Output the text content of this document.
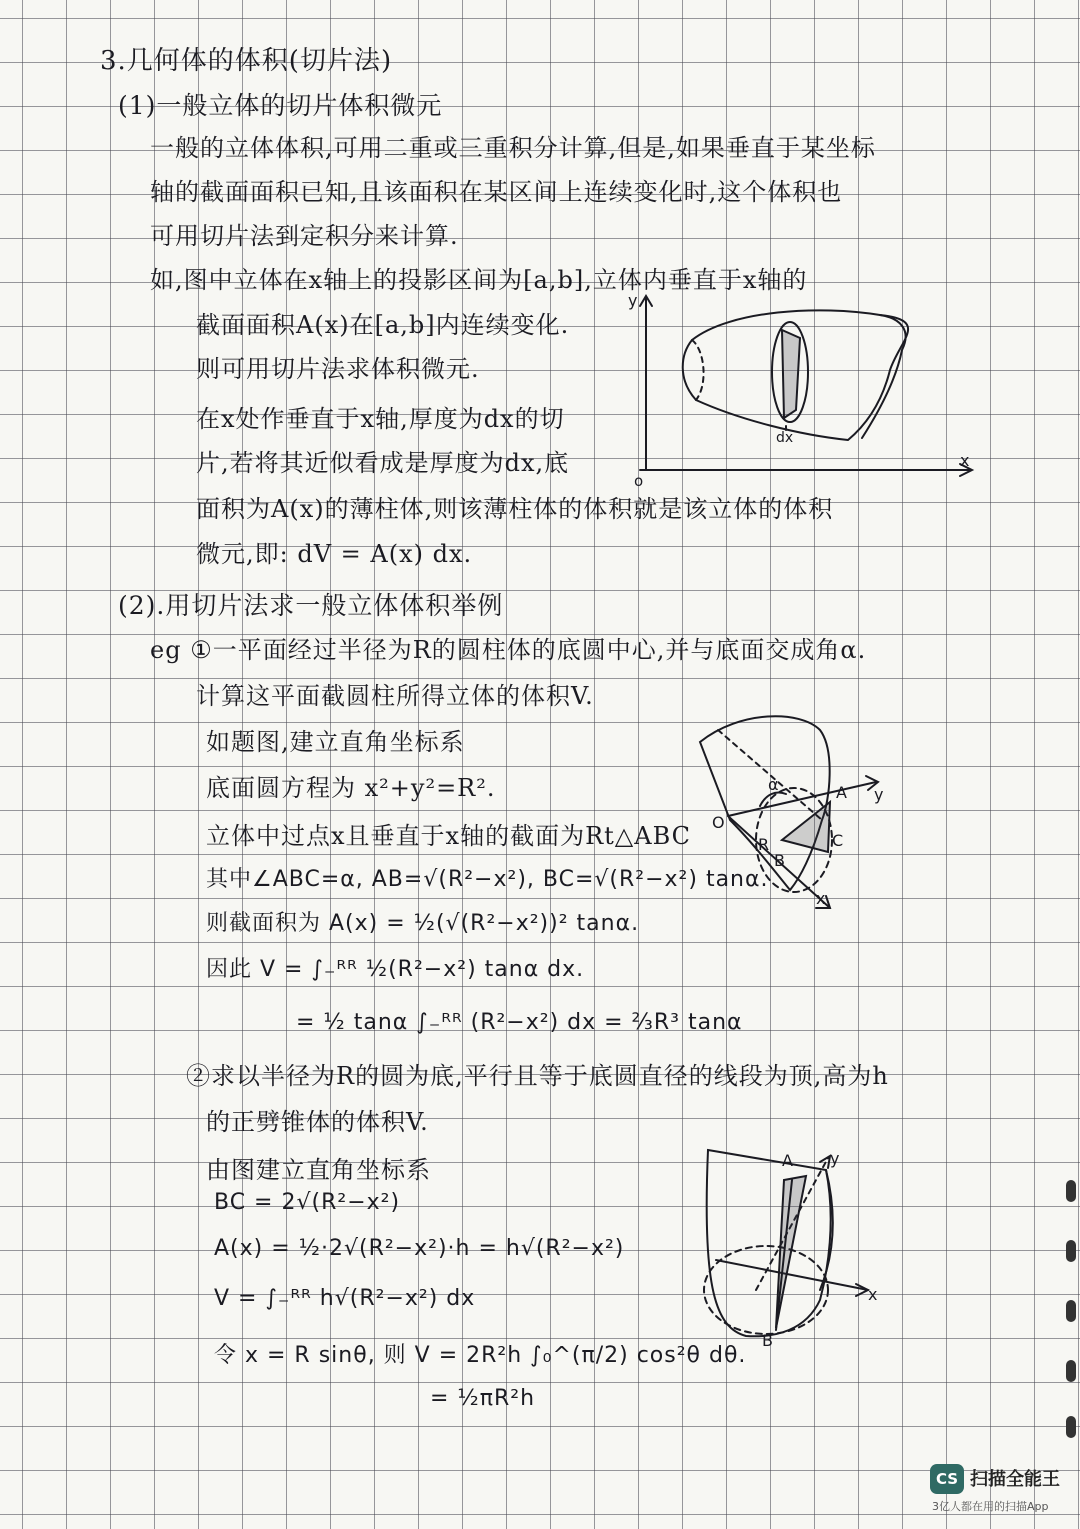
3.几何体的体积(切片法)
(1)一般立体的切片体积微元
一般的立体体积,可用二重或三重积分计算,但是,如果垂直于某坐标
轴的截面面积已知,且该面积在某区间上连续变化时,这个体积也
可用切片法到定积分来计算.
如,图中立体在x轴上的投影区间为[a,b],立体内垂直于x轴的
截面面积A(x)在[a,b]内连续变化.
则可用切片法求体积微元.
在x处作垂直于x轴,厚度为dx的切
片,若将其近似看成是厚度为dx,底
面积为A(x)的薄柱体,则该薄柱体的体积就是该立体的体积
微元,即: dV = A(x) dx.
(2).用切片法求一般立体体积举例
eg ①一平面经过半径为R的圆柱体的底圆中心,并与底面交成角α.
计算这平面截圆柱所得立体的体积V.
如题图,建立直角坐标系
底面圆方程为 x²+y²=R².
立体中过点x且垂直于x轴的截面为Rt△ABC
其中∠ABC=α, AB=√(R²−x²), BC=√(R²−x²) tanα.
则截面积为 A(x) = ½(√(R²−x²))² tanα.
因此 V = ∫₋ᴿᴿ ½(R²−x²) tanα dx.
= ½ tanα ∫₋ᴿᴿ (R²−x²) dx = ⅔R³ tanα
②求以半径为R的圆为底,平行且等于底圆直径的线段为顶,高为h
的正劈锥体的体积V.
由图建立直角坐标系
BC = 2√(R²−x²)
A(x) = ½·2√(R²−x²)·h = h√(R²−x²)
V = ∫₋ᴿᴿ h√(R²−x²) dx
令 x = R sinθ, 则 V = 2R²h ∫₀^(π/2) cos²θ dθ.
= ½πR²h
y
x
o
dx
O
α	A y
R
B
C
x
A y
x
B
CS 扫描全能王
3亿人都在用的扫描App
